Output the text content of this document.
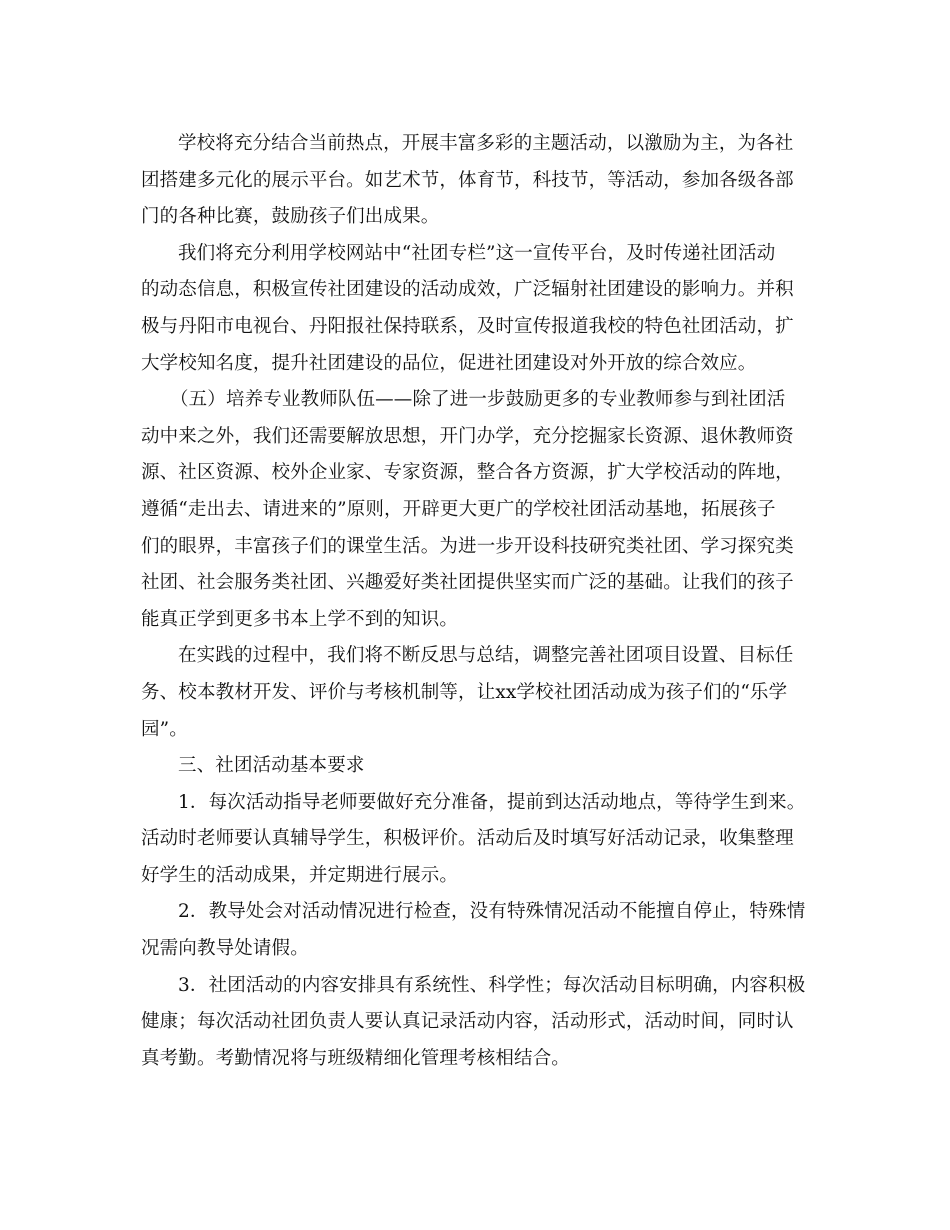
学校将充分结合当前热点，开展丰富多彩的主题活动，以激励为主，为各社
团搭建多元化的展示平台。如艺术节，体育节，科技节，等活动，参加各级各部
门的各种比赛，鼓励孩子们出成果。
我们将充分利用学校网站中“社团专栏”这一宣传平台，及时传递社团活动
的动态信息，积极宣传社团建设的活动成效，广泛辐射社团建设的影响力。并积
极与丹阳市电视台、丹阳报社保持联系，及时宣传报道我校的特色社团活动，扩
大学校知名度，提升社团建设的品位，促进社团建设对外开放的综合效应。
（五）培养专业教师队伍——除了进一步鼓励更多的专业教师参与到社团活
动中来之外，我们还需要解放思想，开门办学，充分挖掘家长资源、退休教师资
源、社区资源、校外企业家、专家资源，整合各方资源，扩大学校活动的阵地，
遵循“走出去、请进来的”原则，开辟更大更广的学校社团活动基地，拓展孩子
们的眼界，丰富孩子们的课堂生活。为进一步开设科技研究类社团、学习探究类
社团、社会服务类社团、兴趣爱好类社团提供坚实而广泛的基础。让我们的孩子
能真正学到更多书本上学不到的知识。
在实践的过程中，我们将不断反思与总结，调整完善社团项目设置、目标任
务、校本教材开发、评价与考核机制等，让xx学校社团活动成为孩子们的“乐学
园”。
三、社团活动基本要求
1．每次活动指导老师要做好充分准备，提前到达活动地点，等待学生到来。
活动时老师要认真辅导学生，积极评价。活动后及时填写好活动记录，收集整理
好学生的活动成果，并定期进行展示。
2．教导处会对活动情况进行检查，没有特殊情况活动不能擅自停止，特殊情
况需向教导处请假。
3．社团活动的内容安排具有系统性、科学性；每次活动目标明确，内容积极
健康；每次活动社团负责人要认真记录活动内容，活动形式，活动时间，同时认
真考勤。考勤情况将与班级精细化管理考核相结合。
